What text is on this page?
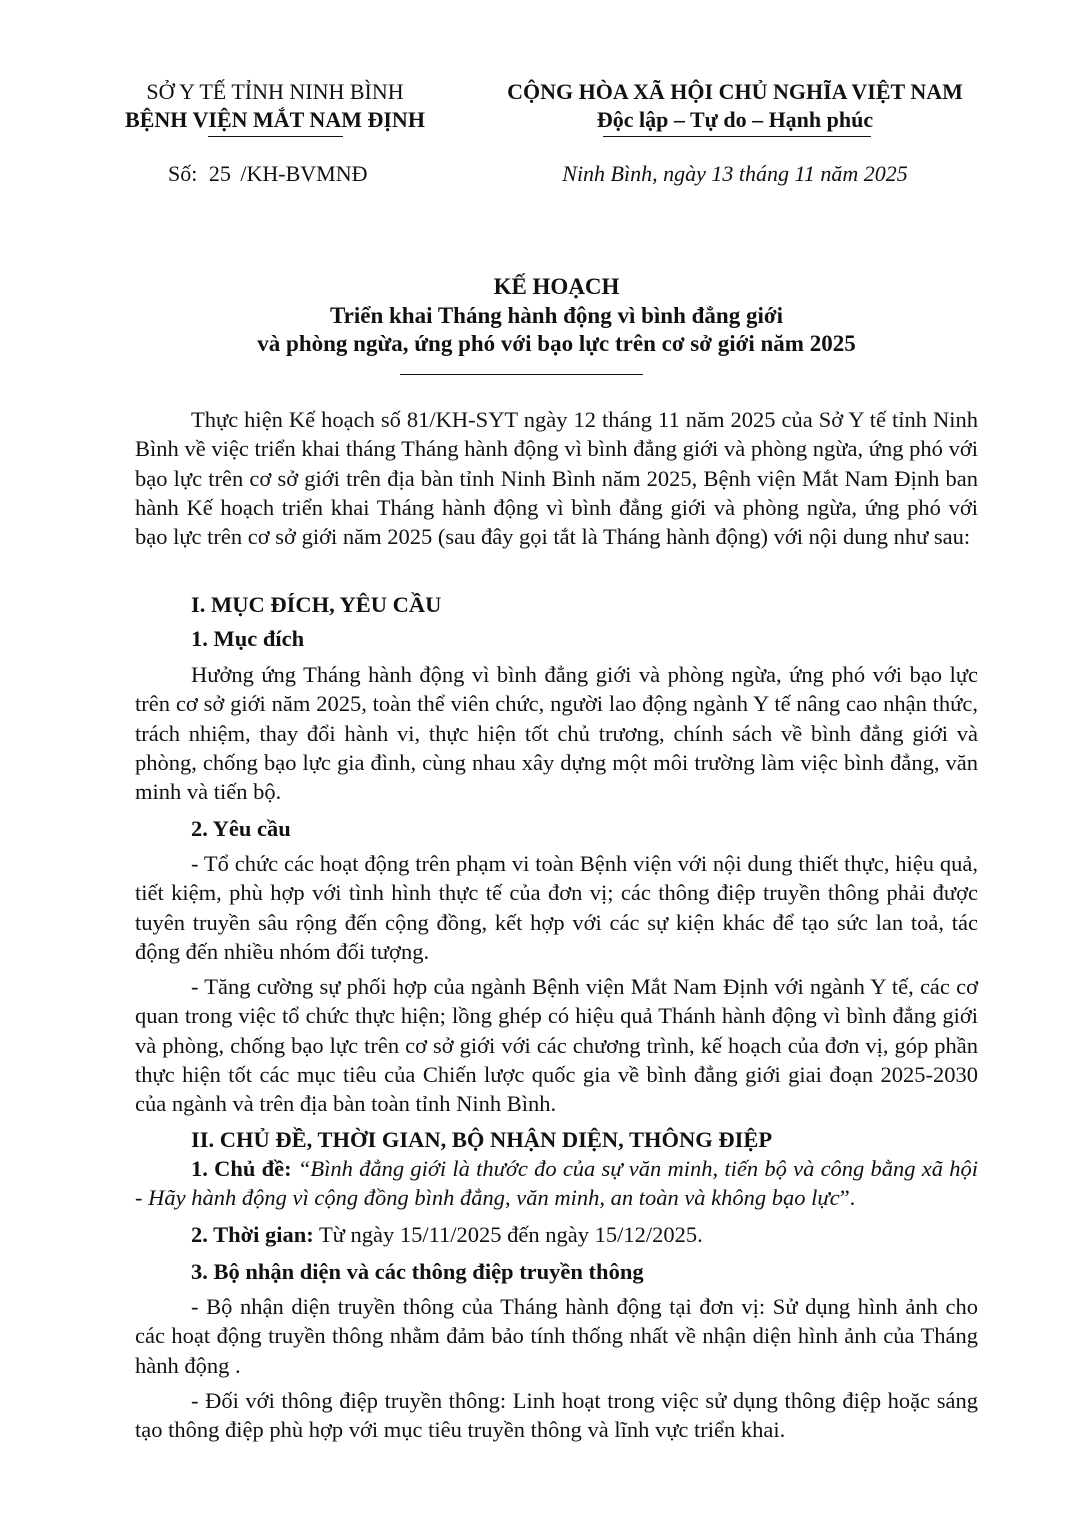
SỞ Y TẾ TỈNH NINH BÌNH
BỆNH VIỆN MẮT NAM ĐỊNH
Số: 25 /KH-BVMNĐ
CỘNG HÒA XÃ HỘI CHỦ NGHĨA VIỆT NAM
Độc lập – Tự do – Hạnh phúc
Ninh Bình, ngày 13 tháng 11 năm 2025
KẾ HOẠCH
Triển khai Tháng hành động vì bình đẳng giới
và phòng ngừa, ứng phó với bạo lực trên cơ sở giới năm 2025

Thực hiện Kế hoạch số 81/KH-SYT ngày 12 tháng 11 năm 2025 của Sở Y tế tỉnh Ninh Bình về việc triển khai tháng Tháng hành động vì bình đẳng giới và phòng ngừa, ứng phó với bạo lực trên cơ sở giới trên địa bàn tỉnh Ninh Bình năm 2025, Bệnh viện Mắt Nam Định ban hành Kế hoạch triển khai Tháng hành động vì bình đẳng giới và phòng ngừa, ứng phó với bạo lực trên cơ sở giới năm 2025 (sau đây gọi tắt là Tháng hành động) với nội dung như sau:

I. MỤC ĐÍCH, YÊU CẦU

1. Mục đích

Hưởng ứng Tháng hành động vì bình đẳng giới và phòng ngừa, ứng phó với bạo lực trên cơ sở giới năm 2025, toàn thể viên chức, người lao động ngành Y tế nâng cao nhận thức, trách nhiệm, thay đổi hành vi, thực hiện tốt chủ trương, chính sách về bình đẳng giới và phòng, chống bạo lực gia đình, cùng nhau xây dựng một môi trường làm việc bình đẳng, văn minh và tiến bộ.

2. Yêu cầu

- Tổ chức các hoạt động trên phạm vi toàn Bệnh viện với nội dung thiết thực, hiệu quả, tiết kiệm, phù hợp với tình hình thực tế của đơn vị; các thông điệp truyền thông phải được tuyên truyền sâu rộng đến cộng đồng, kết hợp với các sự kiện khác để tạo sức lan toả, tác động đến nhiều nhóm đối tượng.

- Tăng cường sự phối hợp của ngành Bệnh viện Mắt Nam Định với ngành Y tế, các cơ quan trong việc tổ chức thực hiện; lồng ghép có hiệu quả Thánh hành động vì bình đẳng giới và phòng, chống bạo lực trên cơ sở giới với các chương trình, kế hoạch của đơn vị, góp phần thực hiện tốt các mục tiêu của Chiến lược quốc gia về bình đẳng giới giai đoạn 2025-2030 của ngành và trên địa bàn toàn tỉnh Ninh Bình.

II. CHỦ ĐỀ, THỜI GIAN, BỘ NHẬN DIỆN, THÔNG ĐIỆP

1. Chủ đề: “Bình đẳng giới là thước đo của sự văn minh, tiến bộ và công bằng xã hội - Hãy hành động vì cộng đồng bình đẳng, văn minh, an toàn và không bạo lực”.

2. Thời gian: Từ ngày 15/11/2025 đến ngày 15/12/2025.

3. Bộ nhận diện và các thông điệp truyền thông

- Bộ nhận diện truyền thông của Tháng hành động tại đơn vị: Sử dụng hình ảnh cho các hoạt động truyền thông nhằm đảm bảo tính thống nhất về nhận diện hình ảnh của Tháng hành động .

- Đối với thông điệp truyền thông: Linh hoạt trong việc sử dụng thông điệp hoặc sáng tạo thông điệp phù hợp với mục tiêu truyền thông và lĩnh vực triển khai.
